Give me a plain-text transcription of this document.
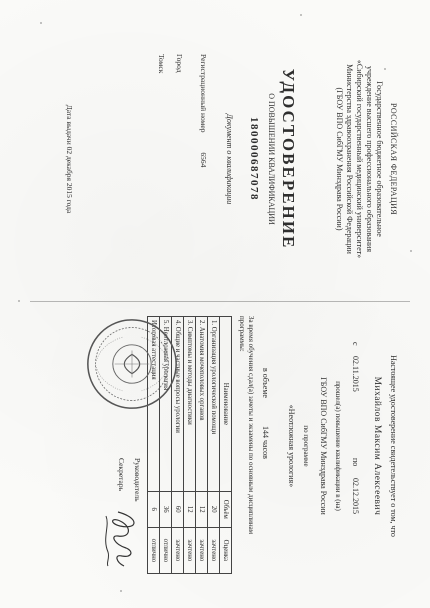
РОССИЙСКАЯ ФЕДЕРАЦИЯ
Государственное бюджетное образовательное
учреждение высшего профессионального образования
«Сибирский государственный медицинский университет»
Министерства здравоохранения Российской Федерации
(ГБОУ ВПО СибГМУ Минздрава России)
УДОСТОВЕРЕНИЕ
О ПОВЫШЕНИИ КВАЛИФИКАЦИИ
180000687078
Документ о квалификации
Регистрационный номер 6564
Город
Томск
Дата выдачи 02 декабря 2015 года
Настоящее удостоверение свидетельствует о том, что
Михайлов Максим Алексеевич
с
02.11.2015
по
02.12.2015
прошел(а) повышение квалификации в (на)
ГБОУ ВПО СибГМУ Минздрава России
по программе
«Неотложная урология»
в объеме
144 часов
За время обучения сдал(а) зачеты и экзамены по основным дисциплинам
программы:
Наименование	Объём	Оценка
1. Организация урологической помощи	20	зачтено
2. Анатомия мочеполовых органов	12	зачтено
3. Симптомы и методы диагностики	12	зачтено
4. Общие и частные вопросы урологии	60	зачтено
5. Неотложная урология	36	отлично
Итоговая аттестация	6	отлично
Руководитель
Секретарь
